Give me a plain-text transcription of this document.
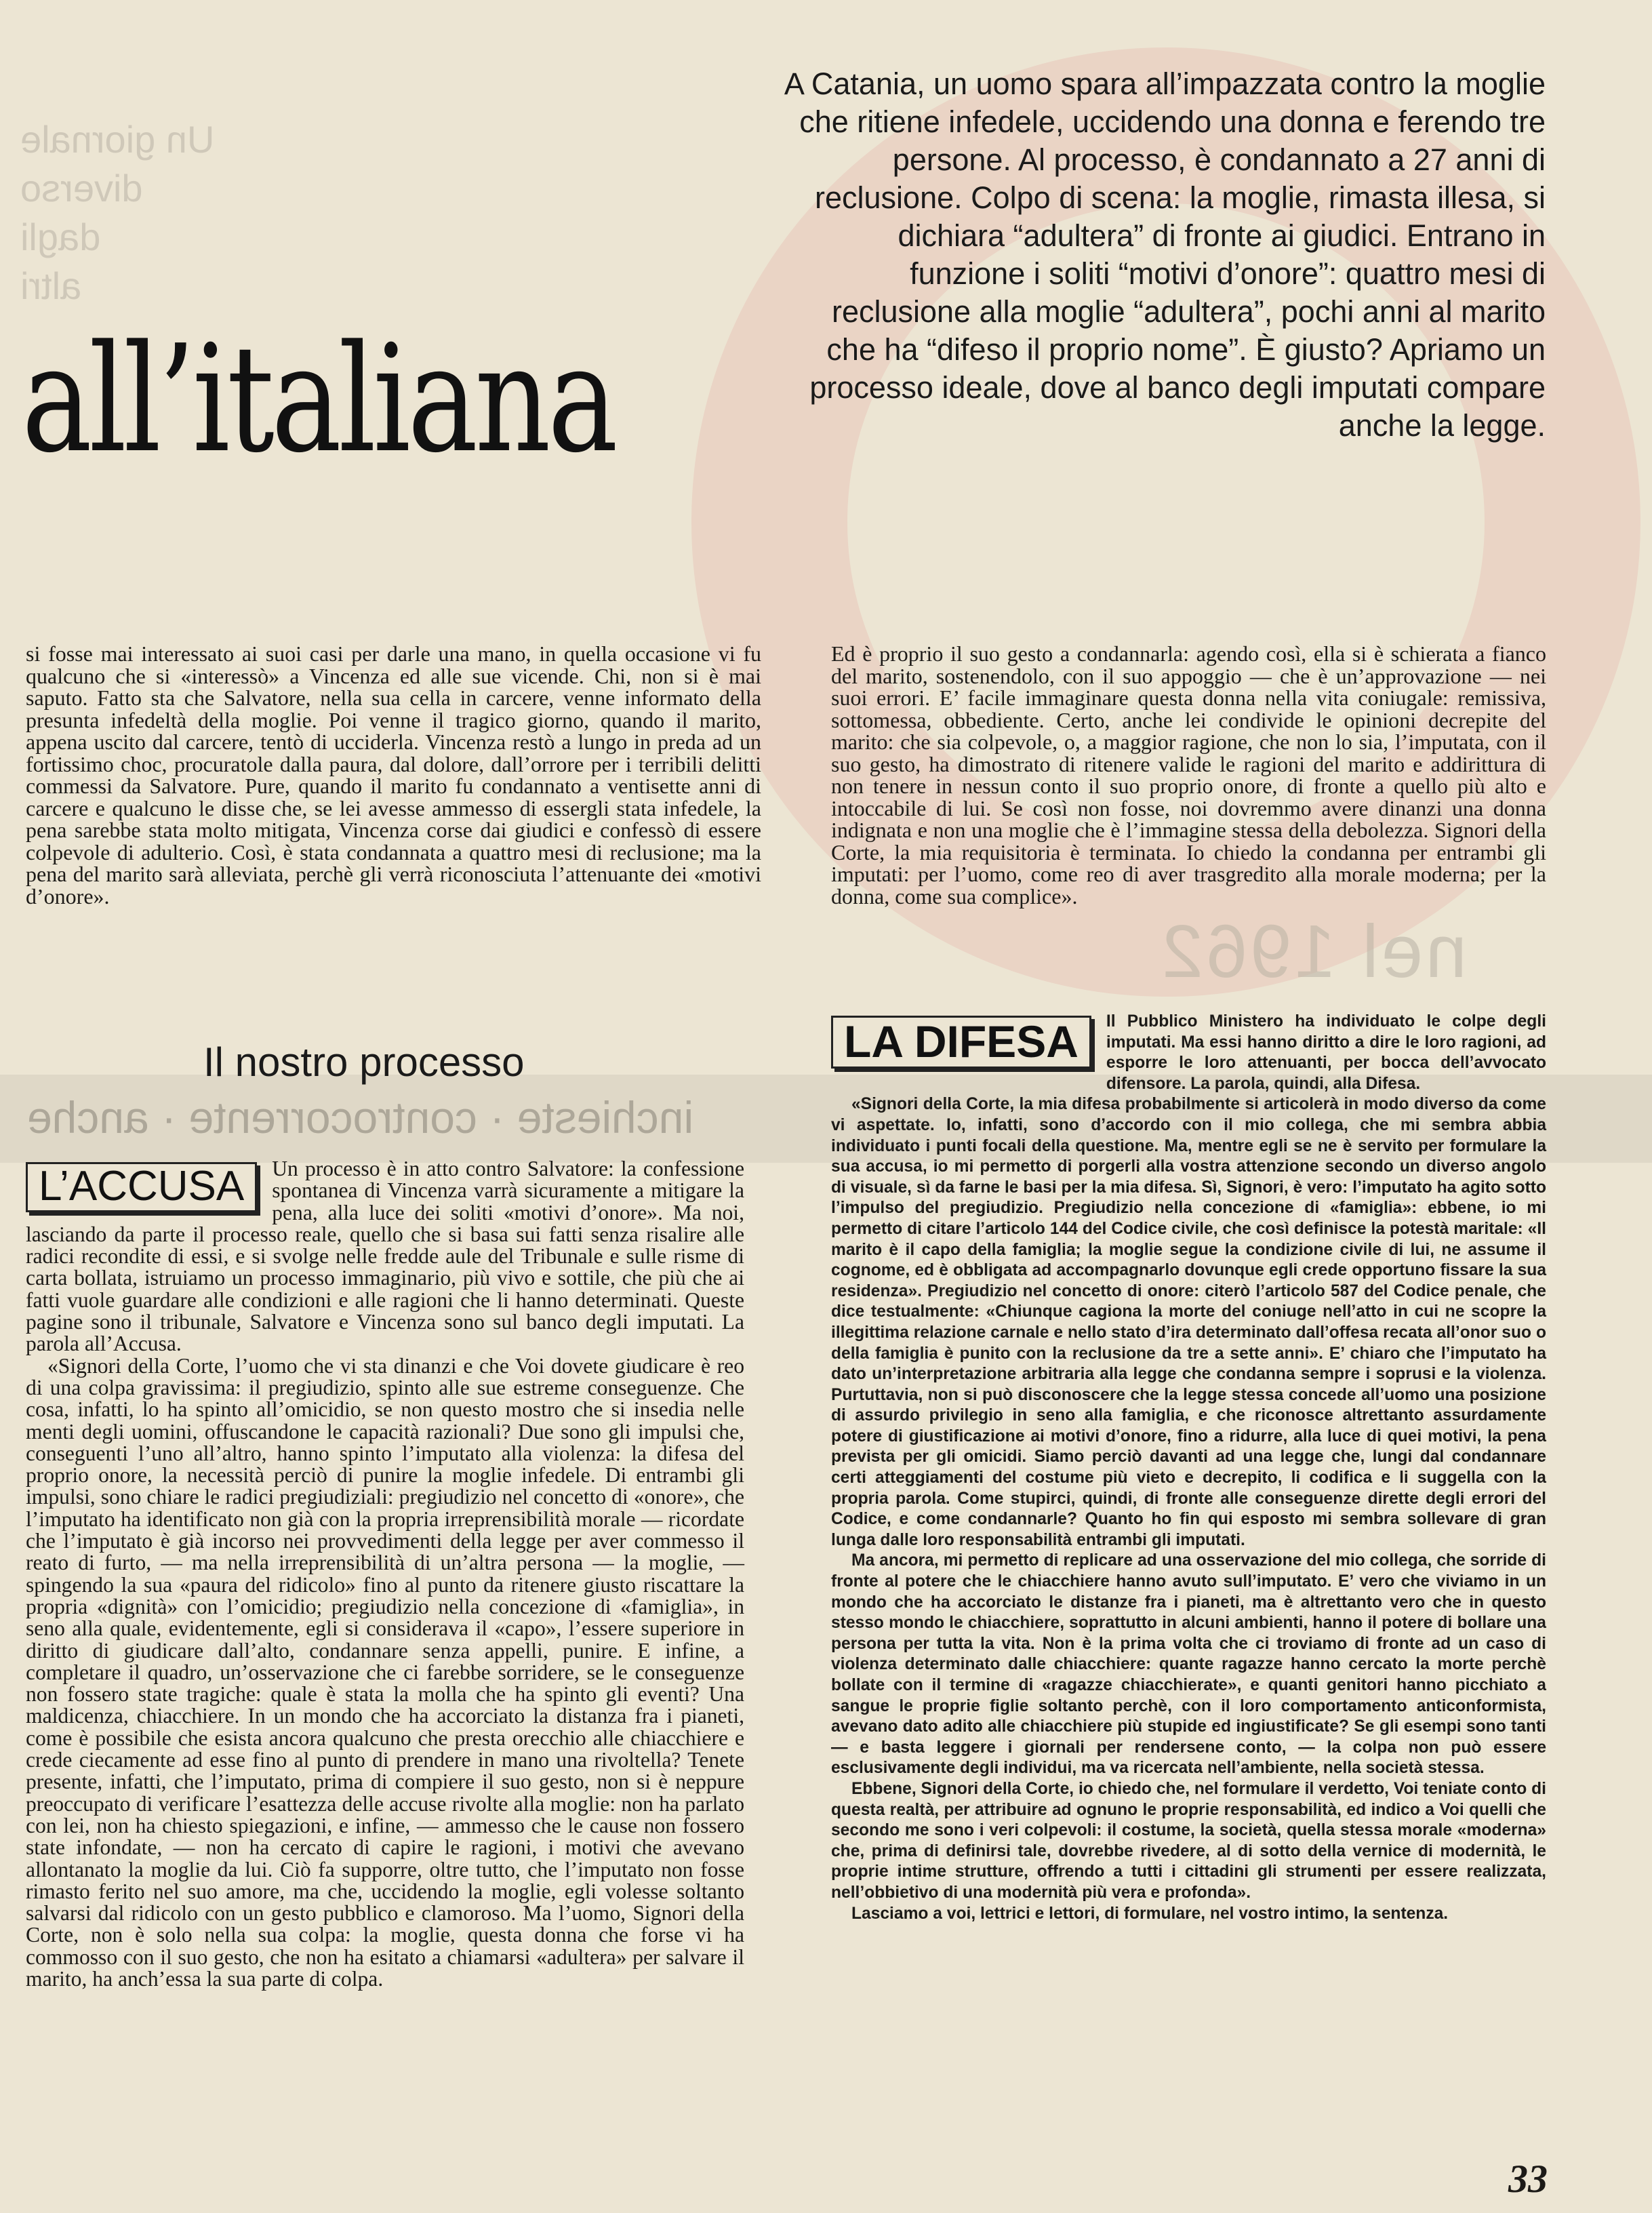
Un giornale
diverso
dagli
altri
nel 1962
inchieste · controcorrente · anche
all’italiana
A Catania, un uomo spara all’impazzata contro la moglie che ritiene infedele, uccidendo una donna e ferendo tre persone. Al processo, è condannato a 27 anni di reclusione. Colpo di scena: la moglie, rimasta illesa, si dichiara “adultera” di fronte ai giudici. Entrano in funzione i soliti “motivi d’onore”: quattro mesi di reclusione alla moglie “adultera”, pochi anni al marito che ha “difeso il proprio nome”. È giusto? Apriamo un processo ideale, dove al banco degli imputati compare anche la legge.

si fosse mai interessato ai suoi casi per darle una mano, in quella occasione vi fu qualcuno che si «interessò» a Vincenza ed alle sue vicende. Chi, non si è mai saputo. Fatto sta che Salvatore, nella sua cella in carcere, venne informato della presunta infedeltà della moglie. Poi venne il tragico giorno, quando il marito, appena uscito dal carcere, tentò di ucciderla. Vincenza restò a lungo in preda ad un fortissimo choc, procuratole dalla paura, dal dolore, dall’orrore per i terribili delitti commessi da Salvatore. Pure, quando il marito fu condannato a ventisette anni di carcere e qualcuno le disse che, se lei avesse ammesso di essergli stata infedele, la pena sarebbe stata molto mitigata, Vincenza corse dai giudici e confessò di essere colpevole di adulterio. Così, è stata condannata a quattro mesi di reclusione; ma la pena del marito sarà alleviata, perchè gli verrà riconosciuta l’attenuante dei «motivi d’onore».

Ed è proprio il suo gesto a condannarla: agendo così, ella si è schierata a fianco del marito, sostenendolo, con il suo appoggio — che è un’approvazione — nei suoi errori. E’ facile immaginare questa donna nella vita coniugale: remissiva, sottomessa, obbediente. Certo, anche lei condivide le opinioni decrepite del marito: che sia colpevole, o, a maggior ragione, che non lo sia, l’imputata, con il suo gesto, ha dimostrato di ritenere valide le ragioni del marito e addirittura di non tenere in nessun conto il suo proprio onore, di fronte a quello più alto e intoccabile di lui. Se così non fosse, noi dovremmo avere dinanzi una donna indignata e non una moglie che è l’immagine stessa della debolezza. Signori della Corte, la mia requisitoria è terminata. Io chiedo la condanna per entrambi gli imputati: per l’uomo, come reo di aver trasgredito alla morale moderna; per la donna, come sua complice».

Il nostro processo
L’ACCUSA	Un processo è in atto contro Salvatore: la confessione spontanea di Vincenza varrà sicuramente a mitigare la pena, alla luce dei soliti «motivi d’onore». Ma noi, lasciando da parte il processo reale, quello che si basa sui fatti senza risalire alle radici recondite di essi, e si svolge nelle fredde aule del Tribunale e sulle risme di carta bollata, istruiamo un processo immaginario, più vivo e sottile, che più che ai fatti vuole guardare alle condizioni e alle ragioni che li hanno determinati. Queste pagine sono il tribunale, Salvatore e Vincenza sono sul banco degli imputati. La parola all’Accusa.

«Signori della Corte, l’uomo che vi sta dinanzi e che Voi dovete giudicare è reo di una colpa gravissima: il pregiudizio, spinto alle sue estreme conseguenze. Che cosa, infatti, lo ha spinto all’omicidio, se non questo mostro che si insedia nelle menti degli uomini, offuscandone le capacità razionali? Due sono gli impulsi che, conseguenti l’uno all’altro, hanno spinto l’imputato alla violenza: la difesa del proprio onore, la necessità perciò di punire la moglie infedele. Di entrambi gli impulsi, sono chiare le radici pregiudiziali: pregiudizio nel concetto di «onore», che l’imputato ha identificato non già con la propria irreprensibilità morale — ricordate che l’imputato è già incorso nei provvedimenti della legge per aver commesso il reato di furto, — ma nella irreprensibilità di un’altra persona — la moglie, — spingendo la sua «paura del ridicolo» fino al punto da ritenere giusto riscattare la propria «dignità» con l’omicidio; pregiudizio nella concezione di «famiglia», in seno alla quale, evidentemente, egli si considerava il «capo», l’essere superiore in diritto di giudicare dall’alto, condannare senza appelli, punire. E infine, a completare il quadro, un’osservazione che ci farebbe sorridere, se le conseguenze non fossero state tragiche: quale è stata la molla che ha spinto gli eventi? Una maldicenza, chiacchiere. In un mondo che ha accorciato la distanza fra i pianeti, come è possibile che esista ancora qualcuno che presta orecchio alle chiacchiere e crede ciecamente ad esse fino al punto di prendere in mano una rivoltella? Tenete presente, infatti, che l’imputato, prima di compiere il suo gesto, non si è neppure preoccupato di verificare l’esattezza delle accuse rivolte alla moglie: non ha parlato con lei, non ha chiesto spiegazioni, e infine, — ammesso che le cause non fossero state infondate, — non ha cercato di capire le ragioni, i motivi che avevano allontanato la moglie da lui. Ciò fa supporre, oltre tutto, che l’imputato non fosse rimasto ferito nel suo amore, ma che, uccidendo la moglie, egli volesse soltanto salvarsi dal ridicolo con un gesto pubblico e clamoroso. Ma l’uomo, Signori della Corte, non è solo nella sua colpa: la moglie, questa donna che forse vi ha commosso con il suo gesto, che non ha esitato a chiamarsi «adultera» per salvare il marito, ha anch’essa la sua parte di colpa.

LA DIFESA	Il Pubblico Ministero ha individuato le colpe degli imputati. Ma essi hanno diritto a dire le loro ragioni, ad esporre le loro attenuanti, per bocca dell’avvocato difensore. La parola, quindi, alla Difesa.

«Signori della Corte, la mia difesa probabilmente si articolerà in modo diverso da come vi aspettate. Io, infatti, sono d’accordo con il mio collega, che mi sembra abbia individuato i punti focali della questione. Ma, mentre egli se ne è servito per formulare la sua accusa, io mi permetto di porgerli alla vostra attenzione secondo un diverso angolo di visuale, sì da farne le basi per la mia difesa. Sì, Signori, è vero: l’imputato ha agito sotto l’impulso del pregiudizio. Pregiudizio nella concezione di «famiglia»: ebbene, io mi permetto di citare l’articolo 144 del Codice civile, che così definisce la potestà maritale: «Il marito è il capo della famiglia; la moglie segue la condizione civile di lui, ne assume il cognome, ed è obbligata ad accompagnarlo dovunque egli crede opportuno fissare la sua residenza». Pregiudizio nel concetto di onore: citerò l’articolo 587 del Codice penale, che dice testualmente: «Chiunque cagiona la morte del coniuge nell’atto in cui ne scopre la illegittima relazione carnale e nello stato d’ira determinato dall’offesa recata all’onor suo o della famiglia è punito con la reclusione da tre a sette anni». E’ chiaro che l’imputato ha dato un’interpretazione arbitraria alla legge che condanna sempre i soprusi e la violenza. Purtuttavia, non si può disconoscere che la legge stessa concede all’uomo una posizione di assurdo privilegio in seno alla famiglia, e che riconosce altrettanto assurdamente potere di giustificazione ai motivi d’onore, fino a ridurre, alla luce di quei motivi, la pena prevista per gli omicidi. Siamo perciò davanti ad una legge che, lungi dal condannare certi atteggiamenti del costume più vieto e decrepito, li codifica e li suggella con la propria parola. Come stupirci, quindi, di fronte alle conseguenze dirette degli errori del Codice, e come condannarle? Quanto ho fin qui esposto mi sembra sollevare di gran lunga dalle loro responsabilità entrambi gli imputati.

Ma ancora, mi permetto di replicare ad una osservazione del mio collega, che sorride di fronte al potere che le chiacchiere hanno avuto sull’imputato. E’ vero che viviamo in un mondo che ha accorciato le distanze fra i pianeti, ma è altrettanto vero che in questo stesso mondo le chiacchiere, soprattutto in alcuni ambienti, hanno il potere di bollare una persona per tutta la vita. Non è la prima volta che ci troviamo di fronte ad un caso di violenza determinato dalle chiacchiere: quante ragazze hanno cercato la morte perchè bollate con il termine di «ragazze chiacchierate», e quanti genitori hanno picchiato a sangue le proprie figlie soltanto perchè, con il loro comportamento anticonformista, avevano dato adito alle chiacchiere più stupide ed ingiustificate? Se gli esempi sono tanti — e basta leggere i giornali per rendersene conto, — la colpa non può essere esclusivamente degli individui, ma va ricercata nell’ambiente, nella società stessa.

Ebbene, Signori della Corte, io chiedo che, nel formulare il verdetto, Voi teniate conto di questa realtà, per attribuire ad ognuno le proprie responsabilità, ed indico a Voi quelli che secondo me sono i veri colpevoli: il costume, la società, quella stessa morale «moderna» che, prima di definirsi tale, dovrebbe rivedere, al di sotto della vernice di modernità, le proprie intime strutture, offrendo a tutti i cittadini gli strumenti per essere realizzata, nell’obbietivo di una modernità più vera e profonda».

Lasciamo a voi, lettrici e lettori, di formulare, nel vostro intimo, la sentenza.

33
